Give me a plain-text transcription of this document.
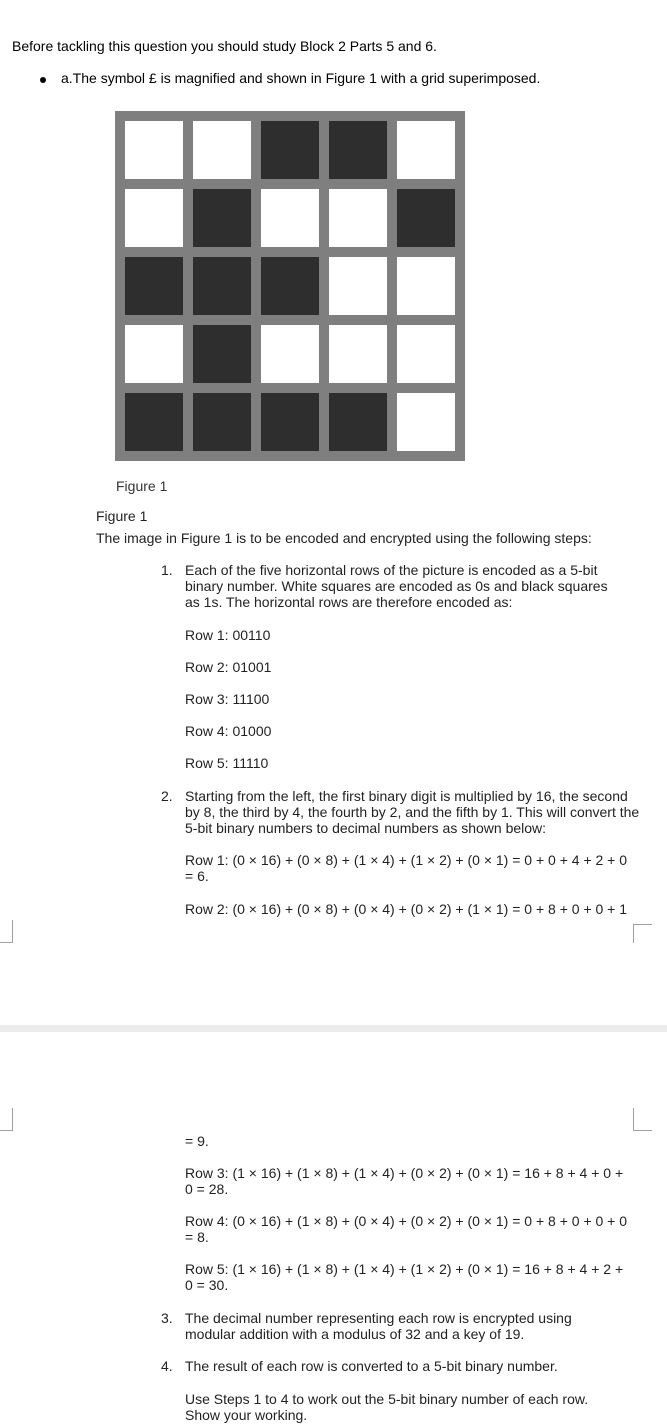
Before tackling this question you should study Block 2 Parts 5 and 6.
a.The symbol £ is magnified and shown in Figure 1 with a grid superimposed.
Figure 1
Figure 1
The image in Figure 1 is to be encoded and encrypted using the following steps:
1. Each of the five horizontal rows of the picture is encoded as a 5-bit binary number. White squares are encoded as 0s and black squares as 1s. The horizontal rows are therefore encoded as:
Row 1: 00110
Row 2: 01001
Row 3: 11100
Row 4: 01000
Row 5: 11110
2. Starting from the left, the first binary digit is multiplied by 16, the second by 8, the third by 4, the fourth by 2, and the fifth by 1. This will convert the 5-bit binary numbers to decimal numbers as shown below:
Row 1: (0 × 16) + (0 × 8) + (1 × 4) + (1 × 2) + (0 × 1) = 0 + 0 + 4 + 2 + 0 = 6.
Row 2: (0 × 16) + (0 × 8) + (0 × 4) + (0 × 2) + (1 × 1) = 0 + 8 + 0 + 0 + 1
= 9.
Row 3: (1 × 16) + (1 × 8) + (1 × 4) + (0 × 2) + (0 × 1) = 16 + 8 + 4 + 0 + 0 = 28.
Row 4: (0 × 16) + (1 × 8) + (0 × 4) + (0 × 2) + (0 × 1) = 0 + 8 + 0 + 0 + 0 = 8.
Row 5: (1 × 16) + (1 × 8) + (1 × 4) + (1 × 2) + (0 × 1) = 16 + 8 + 4 + 2 + 0 = 30.
3. The decimal number representing each row is encrypted using modular addition with a modulus of 32 and a key of 19.
4. The result of each row is converted to a 5-bit binary number.
Use Steps 1 to 4 to work out the 5-bit binary number of each row. Show your working.
